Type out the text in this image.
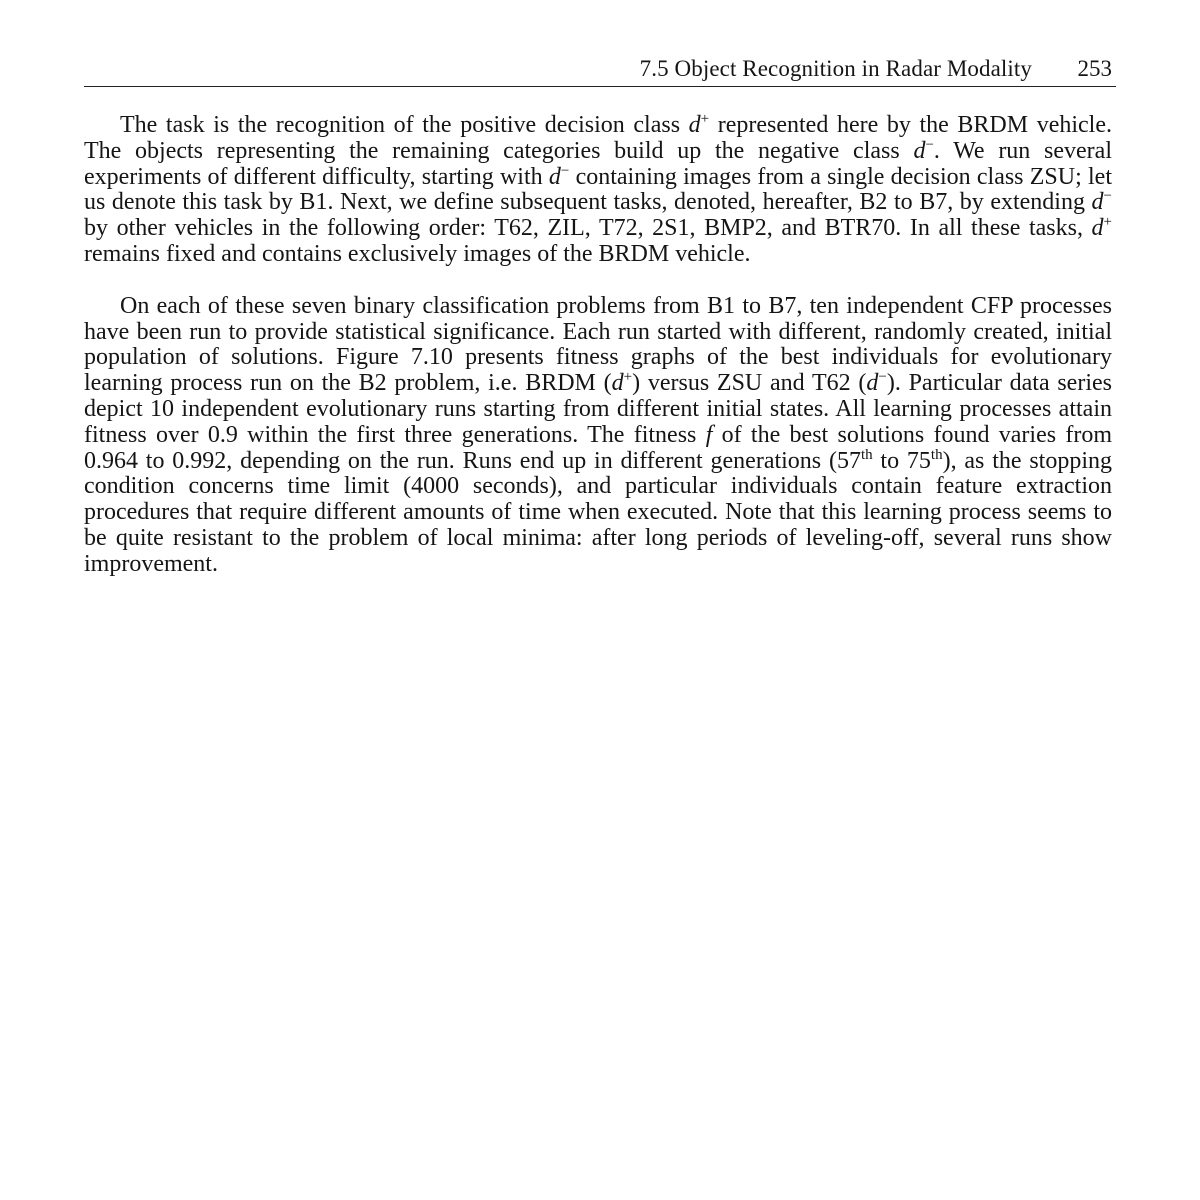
7.5 Object Recognition in Radar Modality 253

The task is the recognition of the positive decision class d+ represented here by the BRDM vehicle. The objects representing the remaining categories build up the negative class d−. We run several experiments of different difficulty, starting with d− containing images from a single decision class ZSU; let us denote this task by B1. Next, we define subsequent tasks, denoted, hereafter, B2 to B7, by extending d− by other vehicles in the following order: T62, ZIL, T72, 2S1, BMP2, and BTR70. In all these tasks, d+ remains fixed and contains exclusively images of the BRDM vehicle.

On each of these seven binary classification problems from B1 to B7, ten independent CFP processes have been run to provide statistical significance. Each run started with different, randomly created, initial population of solutions. Figure 7.10 presents fitness graphs of the best individuals for evolutionary learning process run on the B2 problem, i.e. BRDM (d+) versus ZSU and T62 (d−). Particular data series depict 10 independent evolutionary runs starting from different initial states. All learning processes attain fitness over 0.9 within the first three generations. The fitness f of the best solutions found varies from 0.964 to 0.992, depending on the run. Runs end up in different generations (57th to 75th), as the stopping condition concerns time limit (4000 seconds), and particular individuals contain feature extraction procedures that require different amounts of time when executed. Note that this learning process seems to be quite resistant to the problem of local minima: after long periods of leveling-off, several runs show improvement.
